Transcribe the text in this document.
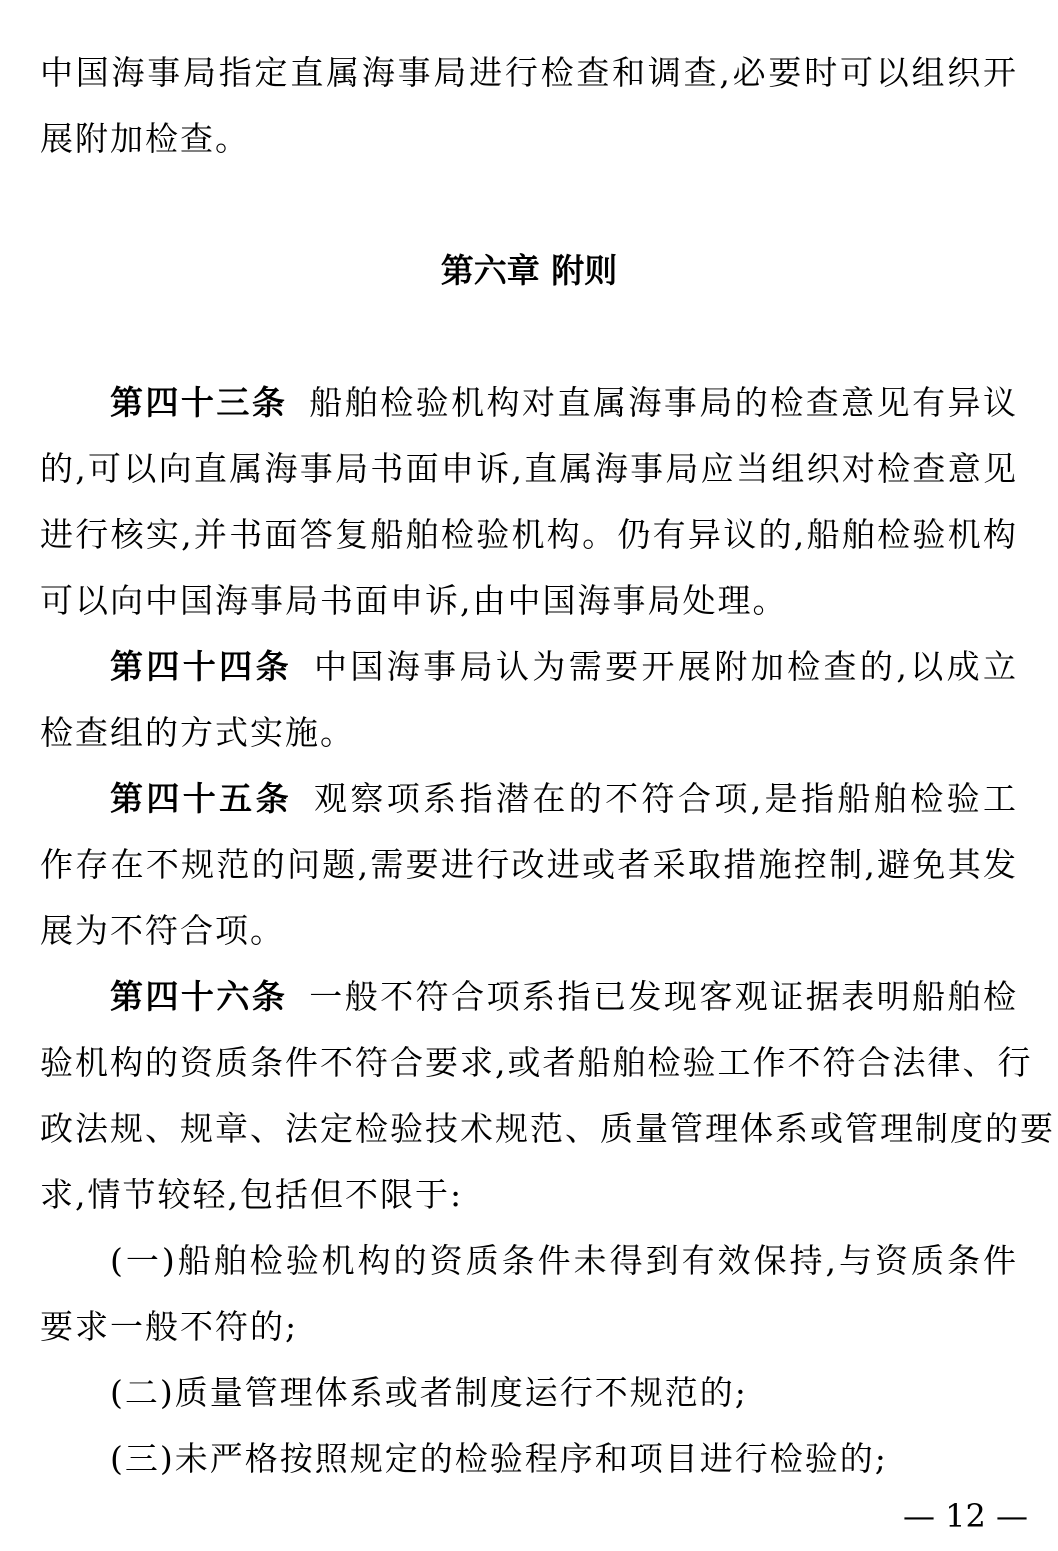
中国海事局指定直属海事局进行检查和调查,必要时可以组织开
展附加检查。
第六章 附则
第四十三条 船舶检验机构对直属海事局的检查意见有异议
的,可以向直属海事局书面申诉,直属海事局应当组织对检查意见
进行核实,并书面答复船舶检验机构。仍有异议的,船舶检验机构
可以向中国海事局书面申诉,由中国海事局处理。
第四十四条 中国海事局认为需要开展附加检查的,以成立
检查组的方式实施。
第四十五条 观察项系指潜在的不符合项,是指船舶检验工
作存在不规范的问题,需要进行改进或者采取措施控制,避免其发
展为不符合项。
第四十六条 一般不符合项系指已发现客观证据表明船舶检
验机构的资质条件不符合要求,或者船舶检验工作不符合法律、行
政法规、规章、法定检验技术规范、质量管理体系或管理制度的要
求,情节较轻,包括但不限于:
(一)船舶检验机构的资质条件未得到有效保持,与资质条件
要求一般不符的;
(二)质量管理体系或者制度运行不规范的;
(三)未严格按照规定的检验程序和项目进行检验的;
— 12 —
